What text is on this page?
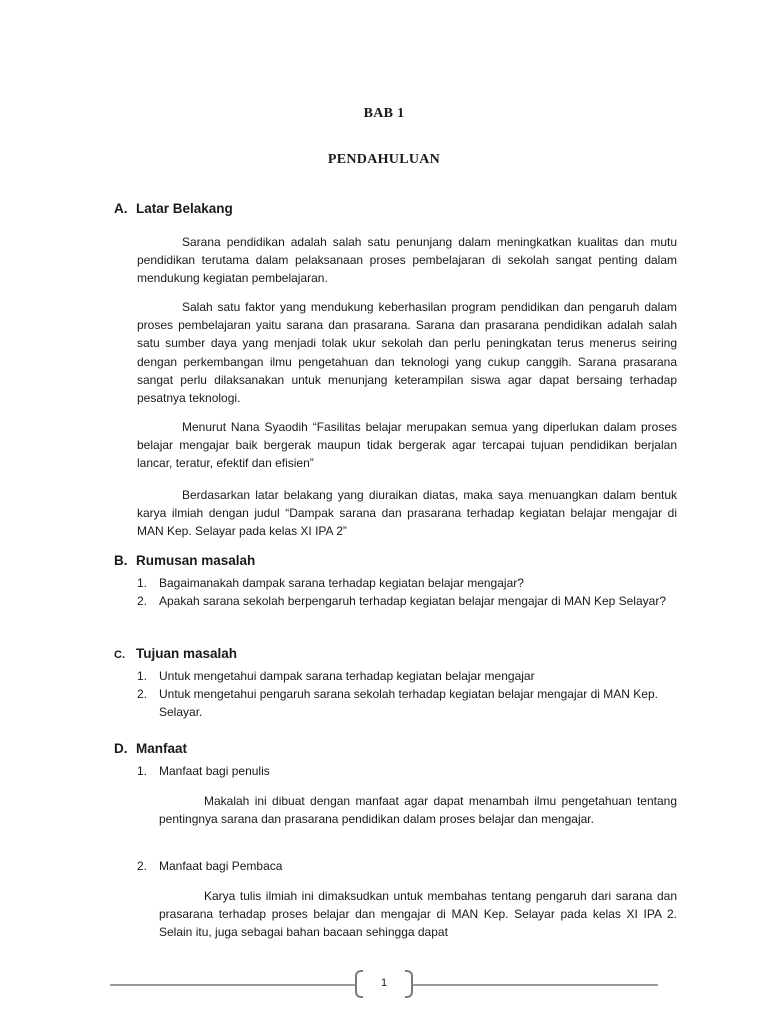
BAB 1
PENDAHULUAN
A. Latar Belakang

Sarana pendidikan adalah salah satu penunjang dalam meningkatkan kualitas dan mutu pendidikan terutama dalam pelaksanaan proses pembelajaran di sekolah sangat penting dalam mendukung kegiatan pembelajaran.

Salah satu faktor yang mendukung keberhasilan program pendidikan dan pengaruh dalam proses pembelajaran yaitu sarana dan prasarana. Sarana dan prasarana pendidikan adalah salah satu sumber daya yang menjadi tolak ukur sekolah dan perlu peningkatan terus menerus seiring dengan perkembangan ilmu pengetahuan dan teknologi yang cukup canggih. Sarana prasarana sangat perlu dilaksanakan untuk menunjang keterampilan siswa agar dapat bersaing terhadap pesatnya teknologi.

Menurut Nana Syaodih “Fasilitas belajar merupakan semua yang diperlukan dalam proses belajar mengajar baik bergerak maupun tidak bergerak agar tercapai tujuan pendidikan berjalan lancar, teratur, efektif dan efisien”

Berdasarkan latar belakang yang diuraikan diatas, maka saya menuangkan dalam bentuk karya ilmiah dengan judul “Dampak sarana dan prasarana terhadap kegiatan belajar mengajar di MAN Kep. Selayar pada kelas XI IPA 2”

B. Rumusan masalah
1. Bagaimanakah dampak sarana terhadap kegiatan belajar mengajar?
2. Apakah sarana sekolah berpengaruh terhadap kegiatan belajar mengajar di MAN Kep Selayar?
C. Tujuan masalah
1. Untuk mengetahui dampak sarana terhadap kegiatan belajar mengajar
2. Untuk mengetahui pengaruh sarana sekolah terhadap kegiatan belajar mengajar di MAN Kep. Selayar.
D. Manfaat
1. Manfaat bagi penulis

Makalah ini dibuat dengan manfaat agar dapat menambah ilmu pengetahuan tentang pentingnya sarana dan prasarana pendidikan dalam proses belajar dan mengajar.

2. Manfaat bagi Pembaca

Karya tulis ilmiah ini dimaksudkan untuk membahas tentang pengaruh dari sarana dan prasarana terhadap proses belajar dan mengajar di MAN Kep. Selayar pada kelas XI IPA 2. Selain itu, juga sebagai bahan bacaan sehingga dapat

1
